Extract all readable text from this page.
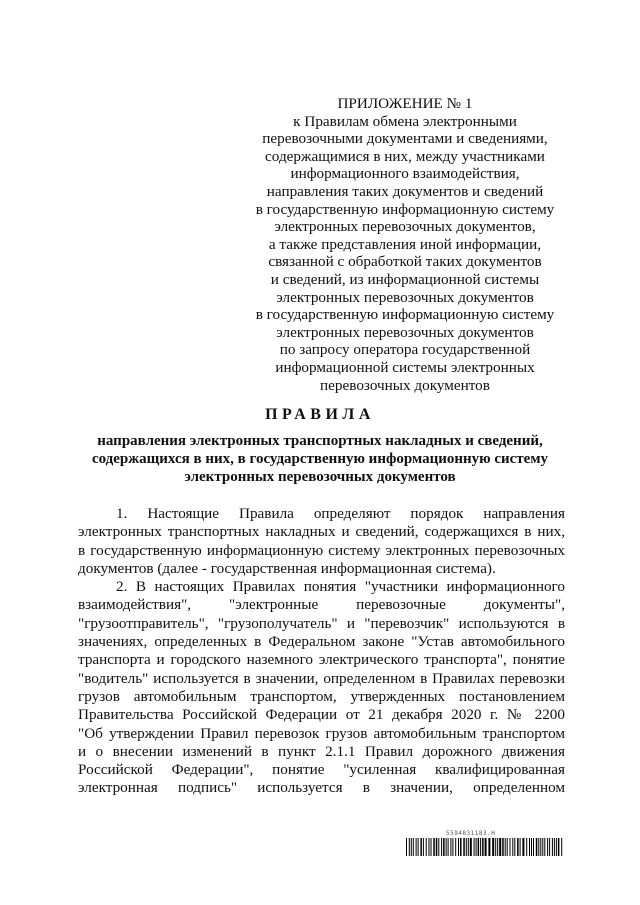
ПРИЛОЖЕНИЕ № 1
к Правилам обмена электронными
перевозочными документами и сведениями,
содержащимися в них, между участниками
информационного взаимодействия,
направления таких документов и сведений
в государственную информационную систему
электронных перевозочных документов,
а также представления иной информации,
связанной с обработкой таких документов
и сведений, из информационной системы
электронных перевозочных документов
в государственную информационную систему
электронных перевозочных документов
по запросу оператора государственной
информационной системы электронных
перевозочных документов
ПРАВИЛА
направления электронных транспортных накладных и сведений,
содержащихся в них, в государственную информационную систему
электронных перевозочных документов
1. Настоящие Правила определяют порядок направления
электронных транспортных накладных и сведений, содержащихся в них,
в государственную информационную систему электронных перевозочных
документов (далее - государственная информационная система).
2. В настоящих Правилах понятия "участники информационного
взаимодействия", "электронные перевозочные документы",
"грузоотправитель", "грузополучатель" и "перевозчик" используются в
значениях, определенных в Федеральном законе "Устав автомобильного
транспорта и городского наземного электрического транспорта", понятие
"водитель" используется в значении, определенном в Правилах перевозки
грузов автомобильным транспортом, утвержденных постановлением
Правительства Российской Федерации от 21 декабря 2020 г. № 2200
"Об утверждении Правил перевозок грузов автомобильным транспортом
и о внесении изменений в пункт 2.1.1 Правил дорожного движения
Российской Федерации", понятие "усиленная квалифицированная
электронная подпись" используется в значении, определенном
5594831183.Н
